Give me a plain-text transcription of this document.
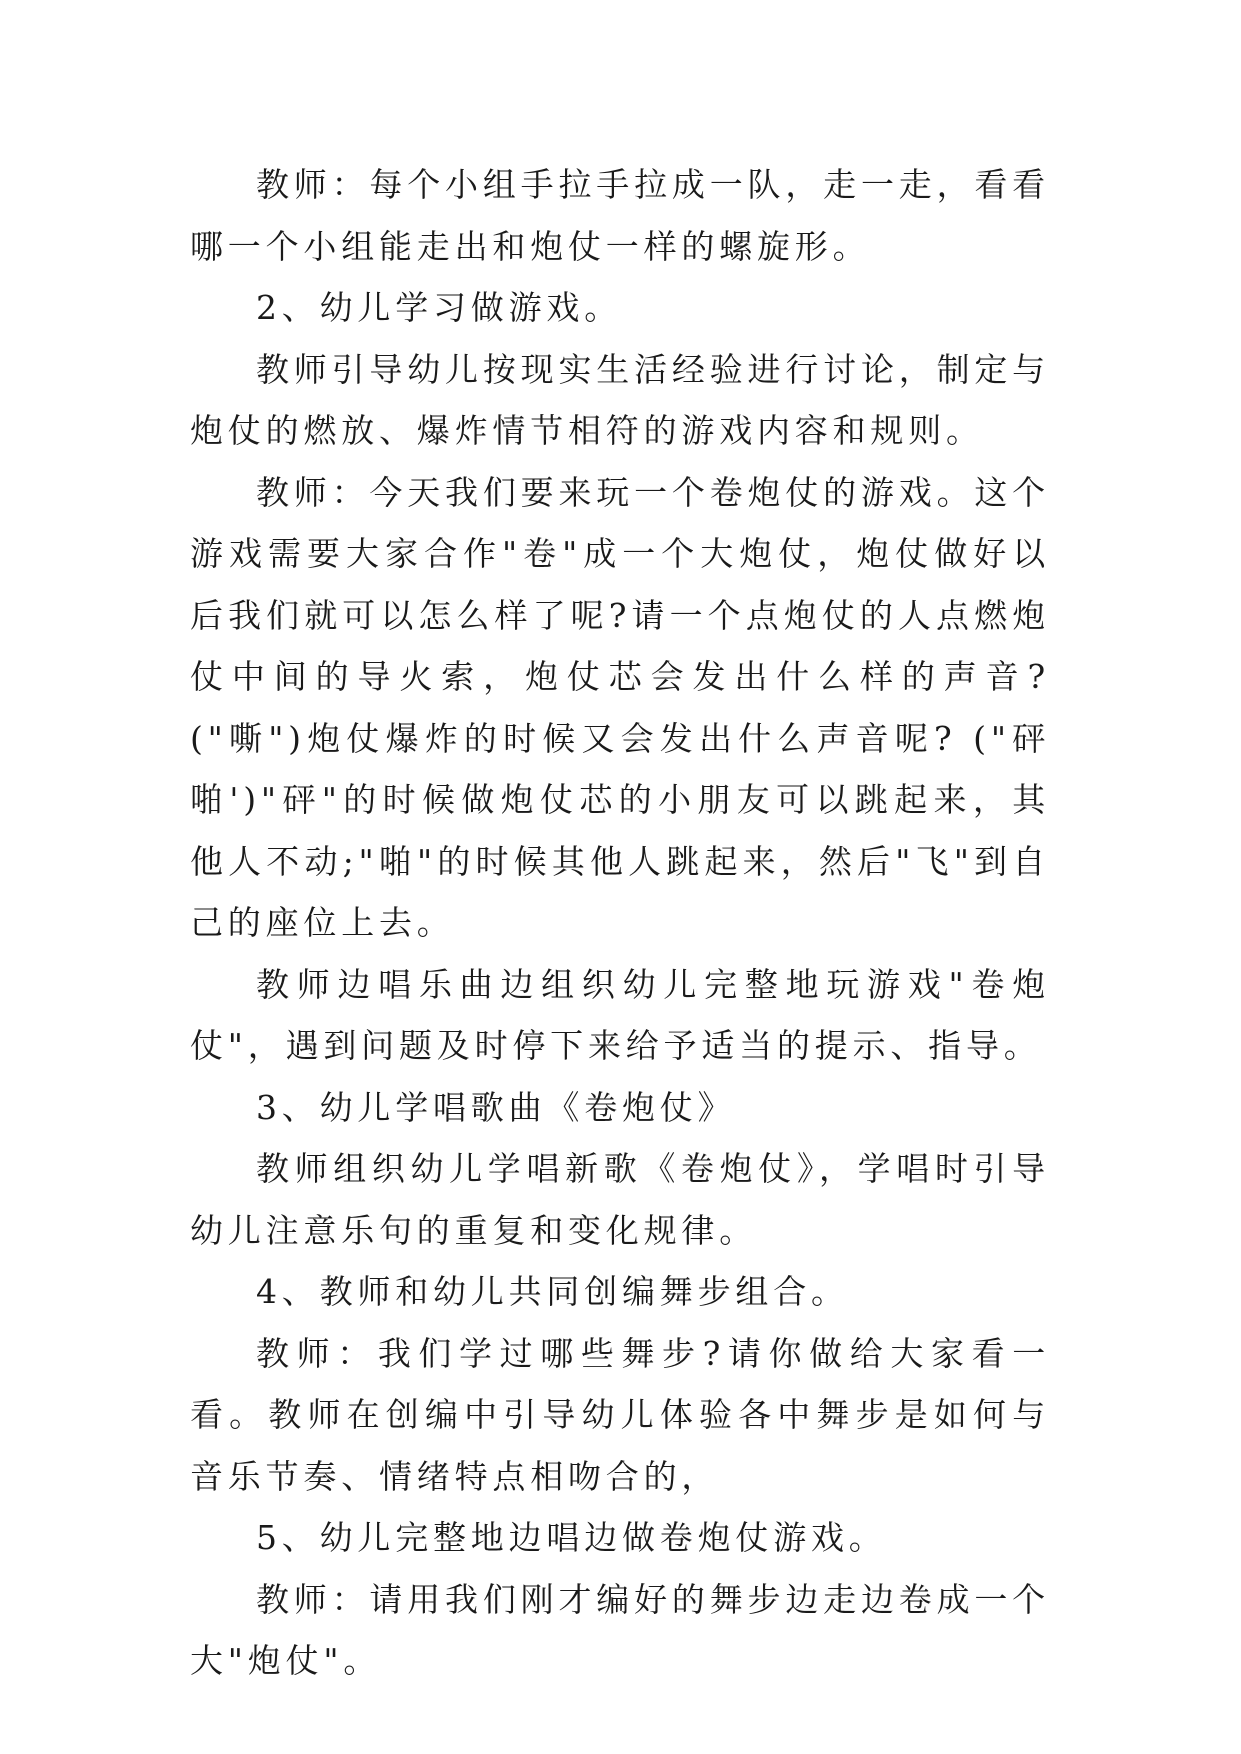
教师：每个小组手拉手拉成一队，走一走，看看哪一个小组能走出和炮仗一样的螺旋形。

2、幼儿学习做游戏。

教师引导幼儿按现实生活经验进行讨论，制定与炮仗的燃放、爆炸情节相符的游戏内容和规则。

教师：今天我们要来玩一个卷炮仗的游戏。这个游戏需要大家合作"卷"成一个大炮仗，炮仗做好以后我们就可以怎么样了呢?请一个点炮仗的人点燃炮仗中间的导火索，炮仗芯会发出什么样的声音?("嘶")炮仗爆炸的时候又会发出什么声音呢? ("砰啪')"砰"的时候做炮仗芯的小朋友可以跳起来，其他人不动;"啪"的时候其他人跳起来，然后"飞"到自己的座位上去。

教师边唱乐曲边组织幼儿完整地玩游戏"卷炮仗"，遇到问题及时停下来给予适当的提示、指导。

3、幼儿学唱歌曲《卷炮仗》

教师组织幼儿学唱新歌《卷炮仗》，学唱时引导幼儿注意乐句的重复和变化规律。

4、教师和幼儿共同创编舞步组合。

教师：我们学过哪些舞步?请你做给大家看一看。教师在创编中引导幼儿体验各中舞步是如何与音乐节奏、情绪特点相吻合的，

5、幼儿完整地边唱边做卷炮仗游戏。

教师：请用我们刚才编好的舞步边走边卷成一个大"炮仗"。
